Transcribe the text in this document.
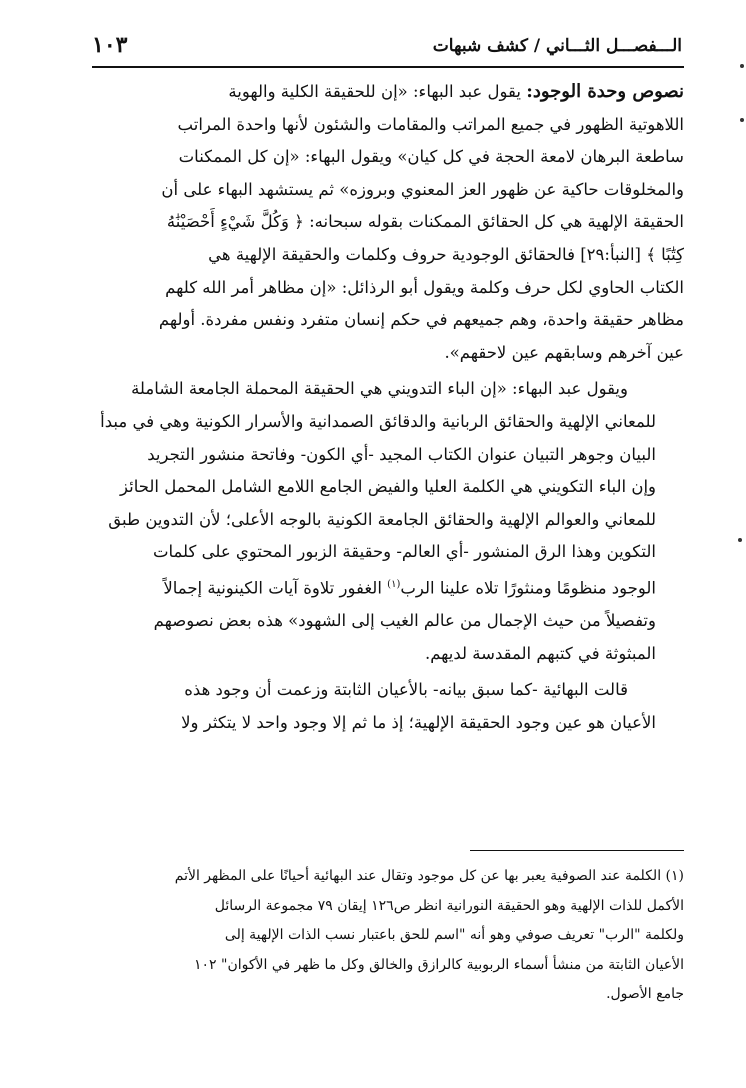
الـــفصـــل الثـــاني / كشف شبهات
١٠٣

نصوص وحدة الوجود: يقول عبد البهاء: «إن للحقيقة الكلية والهوية
اللاهوتية الظهور في جميع المراتب والمقامات والشئون لأنها واحدة المراتب
ساطعة البرهان لامعة الحجة في كل كيان» ويقول البهاء: «إن كل الممكنات
والمخلوقات حاكية عن ظهور العز المعنوي وبروزه» ثم يستشهد البهاء على أن
الحقيقة الإلهية هي كل الحقائق الممكنات بقوله سبحانه: ﴿ وَكُلَّ شَيْءٍ أَحْصَيْنَٰهُ
كِتَٰبًا ﴾ [النبأ:٢٩] فالحقائق الوجودية حروف وكلمات والحقيقة الإلهية هي
الكتاب الحاوي لكل حرف وكلمة ويقول أبو الرذائل: «إن مظاهر أمر الله كلهم
مظاهر حقيقة واحدة، وهم جميعهم في حكم إنسان متفرد ونفس مفردة. أولهم
عين آخرهم وسابقهم عين لاحقهم».

ويقول عبد البهاء: «إن الباء التدويني هي الحقيقة المحملة الجامعة الشاملة
للمعاني الإلهية والحقائق الربانية والدقائق الصمدانية والأسرار الكونية وهي في مبدأ
البيان وجوهر التبيان عنوان الكتاب المجيد -أي الكون- وفاتحة منشور التجريد
وإن الباء التكويني هي الكلمة العليا والفيض الجامع اللامع الشامل المحمل الحائز
للمعاني والعوالم الإلهية والحقائق الجامعة الكونية بالوجه الأعلى؛ لأن التدوين طبق
التكوين وهذا الرق المنشور -أي العالم- وحقيقة الزبور المحتوي على كلمات
الوجود منظومًا ومنثورًا تلاه علينا الرب$^{(١)}$ الغفور تلاوة آيات الكينونية إجمالاً
وتفصيلاً من حيث الإجمال من عالم الغيب إلى الشهود» هذه بعض نصوصهم
المبثوثة في كتبهم المقدسة لديهم.

قالت البهائية -كما سبق بيانه- بالأعيان الثابتة وزعمت أن وجود هذه
الأعيان هو عين وجود الحقيقة الإلهية؛ إذ ما ثم إلا وجود واحد لا يتكثر ولا

(١) الكلمة عند الصوفية يعبر بها عن كل موجود وتقال عند البهائية أحيانًا على المظهر الأتم
الأكمل للذات الإلهية وهو الحقيقة النورانية انظر ص١٢٦ إيقان ٧٩ مجموعة الرسائل
ولكلمة "الرب" تعريف صوفي وهو أنه "اسم للحق باعتبار نسب الذات الإلهية إلى
الأعيان الثابتة من منشأ أسماء الربوبية كالرازق والخالق وكل ما ظهر في الأكوان" ١٠٢
جامع الأصول.
